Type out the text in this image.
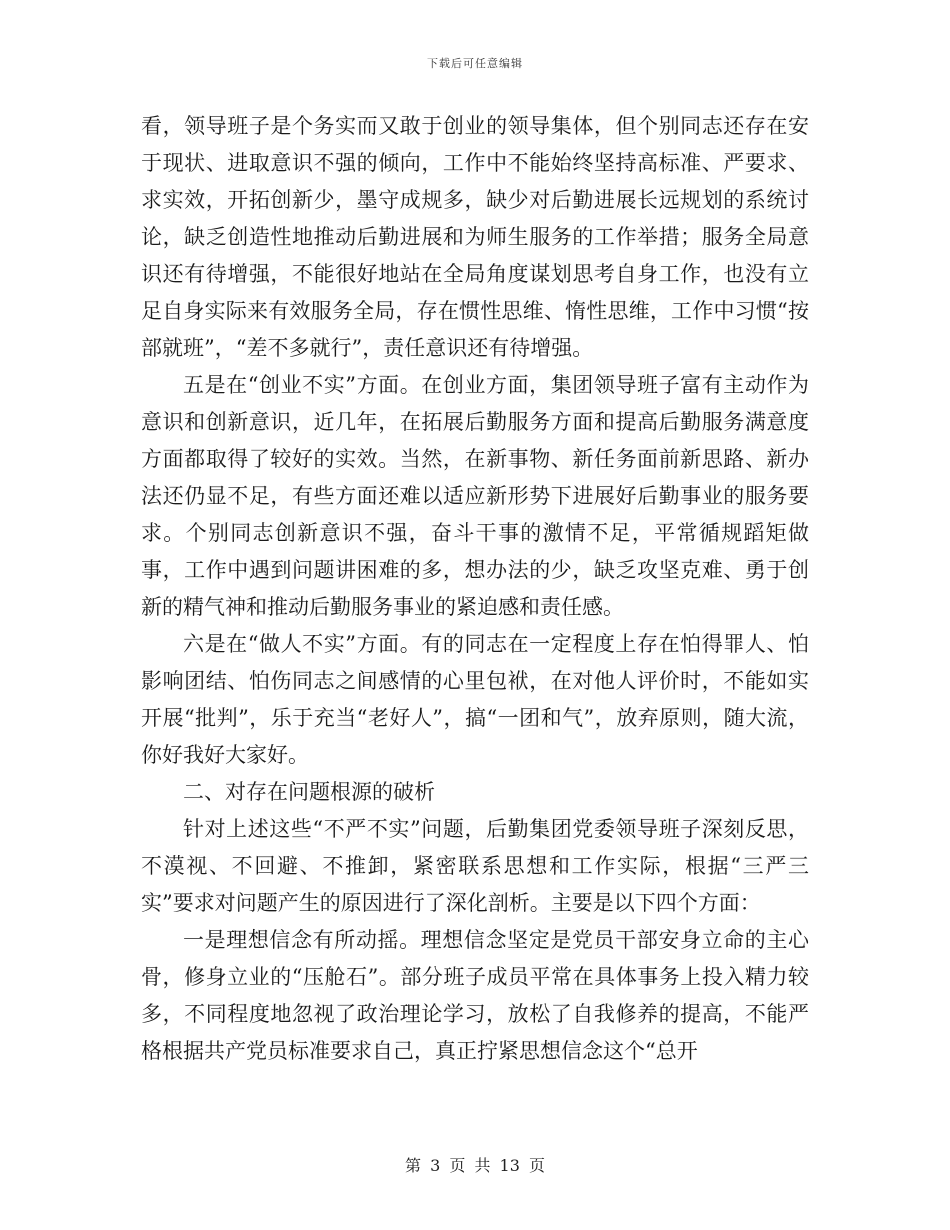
下载后可任意编辑

看，领导班子是个务实而又敢于创业的领导集体，但个别同志还存在安于现状、进取意识不强的倾向，工作中不能始终坚持高标准、严要求、求实效，开拓创新少，墨守成规多，缺少对后勤进展长远规划的系统讨论，缺乏创造性地推动后勤进展和为师生服务的工作举措；服务全局意识还有待增强，不能很好地站在全局角度谋划思考自身工作，也没有立足自身实际来有效服务全局，存在惯性思维、惰性思维，工作中习惯“按部就班”，“差不多就行”，责任意识还有待增强。

五是在“创业不实”方面。在创业方面，集团领导班子富有主动作为意识和创新意识，近几年，在拓展后勤服务方面和提高后勤服务满意度方面都取得了较好的实效。当然，在新事物、新任务面前新思路、新办法还仍显不足，有些方面还难以适应新形势下进展好后勤事业的服务要求。个别同志创新意识不强，奋斗干事的激情不足，平常循规蹈矩做事，工作中遇到问题讲困难的多，想办法的少，缺乏攻坚克难、勇于创新的精气神和推动后勤服务事业的紧迫感和责任感。

六是在“做人不实”方面。有的同志在一定程度上存在怕得罪人、怕影响团结、怕伤同志之间感情的心里包袱，在对他人评价时，不能如实开展“批判”，乐于充当“老好人”，搞“一团和气”，放弃原则，随大流，你好我好大家好。

二、对存在问题根源的破析

针对上述这些“不严不实”问题，后勤集团党委领导班子深刻反思，不漠视、不回避、不推卸，紧密联系思想和工作实际，根据“三严三实”要求对问题产生的原因进行了深化剖析。主要是以下四个方面：

一是理想信念有所动摇。理想信念坚定是党员干部安身立命的主心骨，修身立业的“压舱石”。部分班子成员平常在具体事务上投入精力较多，不同程度地忽视了政治理论学习，放松了自我修养的提高，不能严格根据共产党员标准要求自己，真正拧紧思想信念这个“总开

第 3 页 共 13 页
